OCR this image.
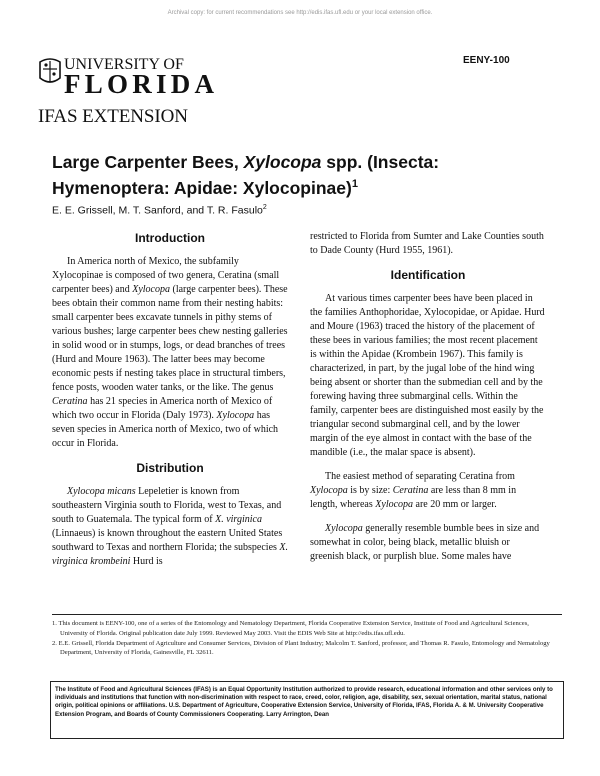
Archival copy: for current recommendations see http://edis.ifas.ufl.edu or your local extension office.
UNIVERSITY OF
FLORIDA
IFAS EXTENSION
EENY-100
Large Carpenter Bees, Xylocopa spp. (Insecta:
Hymenoptera: Apidae: Xylocopinae)$^1$
E. E. Grissell, M. T. Sanford, and T. R. Fasulo$^2$
Introduction

In America north of Mexico, the subfamily Xylocopinae is composed of two genera, Ceratina (small carpenter bees) and Xylocopa (large carpenter bees). These bees obtain their common name from their nesting habits: small carpenter bees excavate tunnels in pithy stems of various bushes; large carpenter bees chew nesting galleries in solid wood or in stumps, logs, or dead branches of trees (Hurd and Moure 1963). The latter bees may become economic pests if nesting takes place in structural timbers, fence posts, wooden water tanks, or the like. The genus Ceratina has 21 species in America north of Mexico of which two occur in Florida (Daly 1973). Xylocopa has seven species in America north of Mexico, two of which occur in Florida.

Distribution

Xylocopa micans Lepeletier is known from southeastern Virginia south to Florida, west to Texas, and south to Guatemala. The typical form of X. virginica (Linnaeus) is known throughout the eastern United States southward to Texas and northern Florida; the subspecies X. virginica krombeini Hurd is

restricted to Florida from Sumter and Lake Counties south to Dade County (Hurd 1955, 1961).

Identification

At various times carpenter bees have been placed in the families Anthophoridae, Xylocopidae, or Apidae. Hurd and Moure (1963) traced the history of the placement of these bees in various families; the most recent placement is within the Apidae (Krombein 1967). This family is characterized, in part, by the jugal lobe of the hind wing being absent or shorter than the submedian cell and by the forewing having three submarginal cells. Within the family, carpenter bees are distinguished most easily by the triangular second submarginal cell, and by the lower margin of the eye almost in contact with the base of the mandible (i.e., the malar space is absent).

The easiest method of separating Ceratina from Xylocopa is by size: Ceratina are less than 8 mm in length, whereas Xylocopa are 20 mm or larger.

Xylocopa generally resemble bumble bees in size and somewhat in color, being black, metallic bluish or greenish black, or purplish blue. Some males have

1. This document is EENY-100, one of a series of the Entomology and Nematology Department, Florida Cooperative Extension Service, Institute of Food and Agricultural Sciences, University of Florida. Original publication date July 1999. Reviewed May 2003. Visit the EDIS Web Site at http://edis.ifas.ufl.edu.
2. E.E. Grissell, Florida Department of Agriculture and Consumer Services, Division of Plant Industry; Malcolm T. Sanford, professor, and Thomas R. Fasulo, Entomology and Nematology Department, University of Florida, Gainesville, FL 32611.
The Institute of Food and Agricultural Sciences (IFAS) is an Equal Opportunity Institution authorized to provide research, educational information and other services only to individuals and institutions that function with non-discrimination with respect to race, creed, color, religion, age, disability, sex, sexual orientation, marital status, national origin, political opinions or affiliations. U.S. Department of Agriculture, Cooperative Extension Service, University of Florida, IFAS, Florida A. & M. University Cooperative Extension Program, and Boards of County Commissioners Cooperating. Larry Arrington, Dean
